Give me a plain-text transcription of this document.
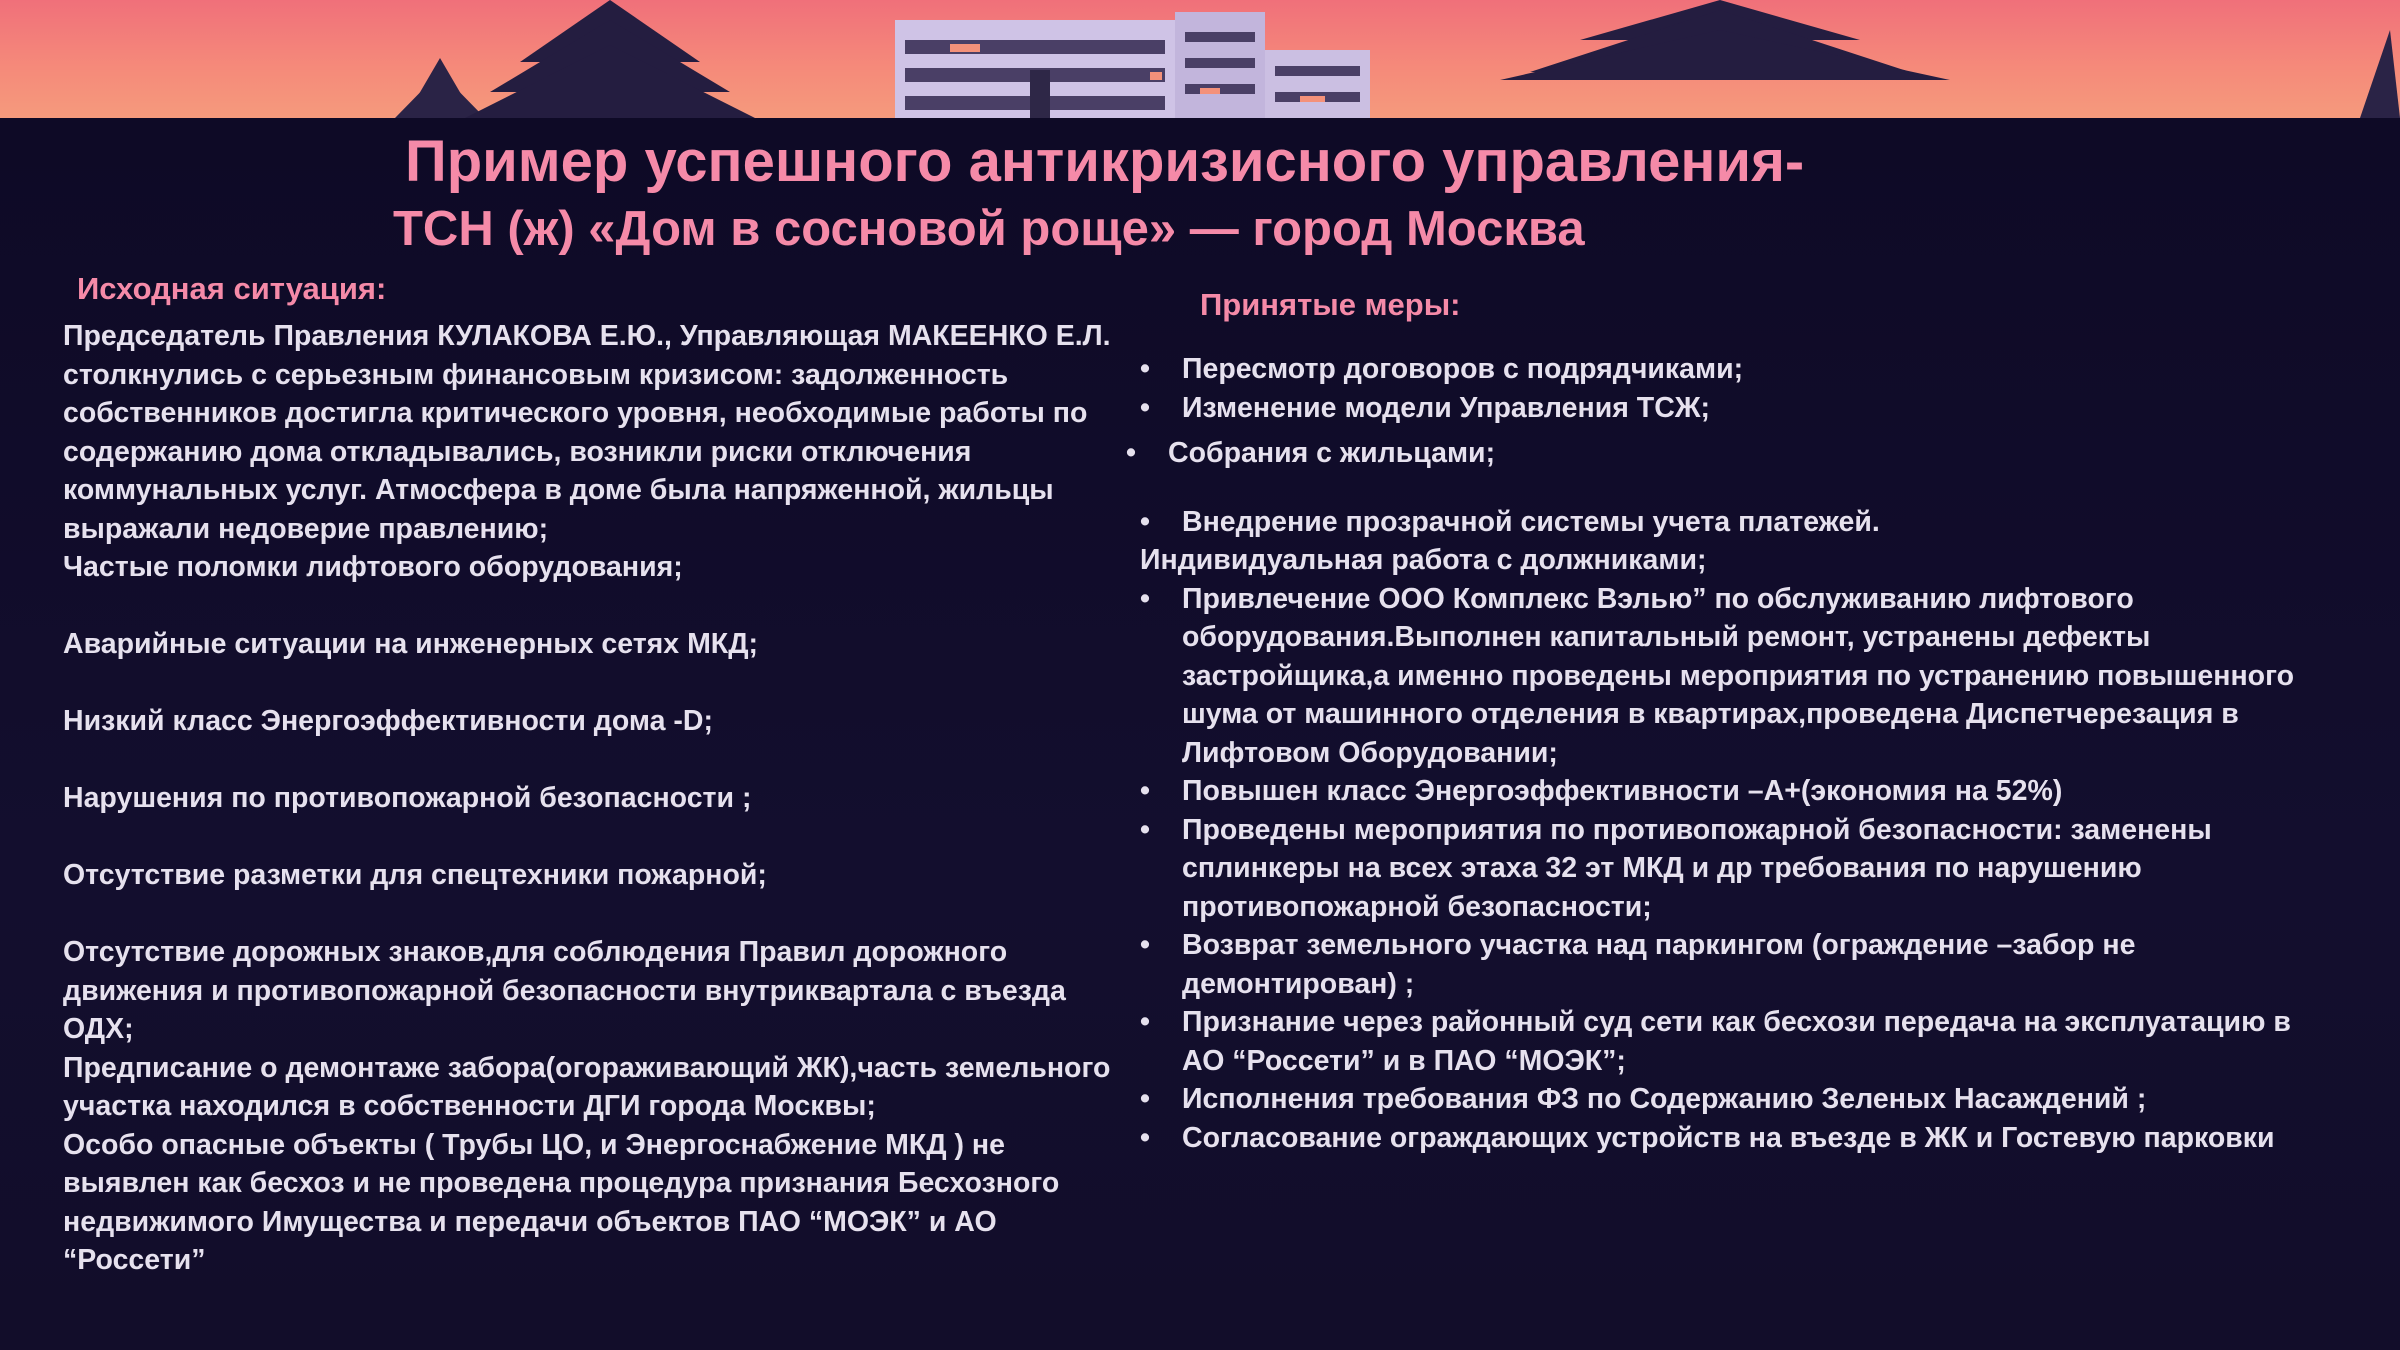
Пример успешного антикризисного управления-
ТСН (ж) «Дом в сосновой роще» — город Москва
Исходная ситуация:	Принятые меры:

Председатель Правления КУЛАКОВА Е.Ю., Управляющая МАКЕЕНКО Е.Л. столкнулись с серьезным финансовым кризисом: задолженность собственников достигла критического уровня, необходимые работы по содержанию дома откладывались, возникли риски отключения коммунальных услуг. Атмосфера в доме была напряженной, жильцы выражали недоверие правлению;

Частые поломки лифтового оборудования;

Аварийные ситуации на инженерных сетях МКД;

Низкий класс Энергоэффективности дома -D;

Нарушения по противопожарной безопасности ;

Отсутствие разметки для спецтехники пожарной;

Отсутствие дорожных знаков,для соблюдения Правил дорожного движения и противопожарной безопасности внутриквартала с въезда ОДХ;

Предписание о демонтаже забора(огораживающий ЖК),часть земельного участка находился в собственности ДГИ города Москвы;

Особо опасные объекты ( Трубы ЦО, и Энергоснабжение МКД ) не выявлен как бесхоз и не проведена процедура признания Бесхозного недвижимого Имущества и передачи объектов ПАО “МОЭК” и АО “Россети”

• Пересмотр договоров с подрядчиками;

• Изменение модели Управления ТСЖ;

• Собрания с жильцами;

• Внедрение прозрачной системы учета платежей.

Индивидуальная работа с должниками;

• Привлечение ООО Комплекс Вэлью” по обслуживанию лифтового оборудования.Выполнен капитальный ремонт, устранены дефекты застройщика,а именно проведены мероприятия по устранению повышенного шума от машинного отделения в квартирах,проведена Диспетчерезация в Лифтовом Оборудовании;

• Повышен класс Энергоэффективности –А+(экономия на 52%)

• Проведены мероприятия по противопожарной безопасности: заменены сплинкеры на всех этаха 32 эт МКД и др требования по нарушению противопожарной безопасности;

• Возврат земельного участка над паркингом (ограждение –забор не демонтирован) ;

• Признание через районный суд сети как бесхози передача на эксплуатацию в АО “Россети” и в ПАО “МОЭК”;

• Исполнения требования ФЗ по Содержанию Зеленых Насаждений ;

• Согласование ограждающих устройств на въезде в ЖК и Гостевую парковки
